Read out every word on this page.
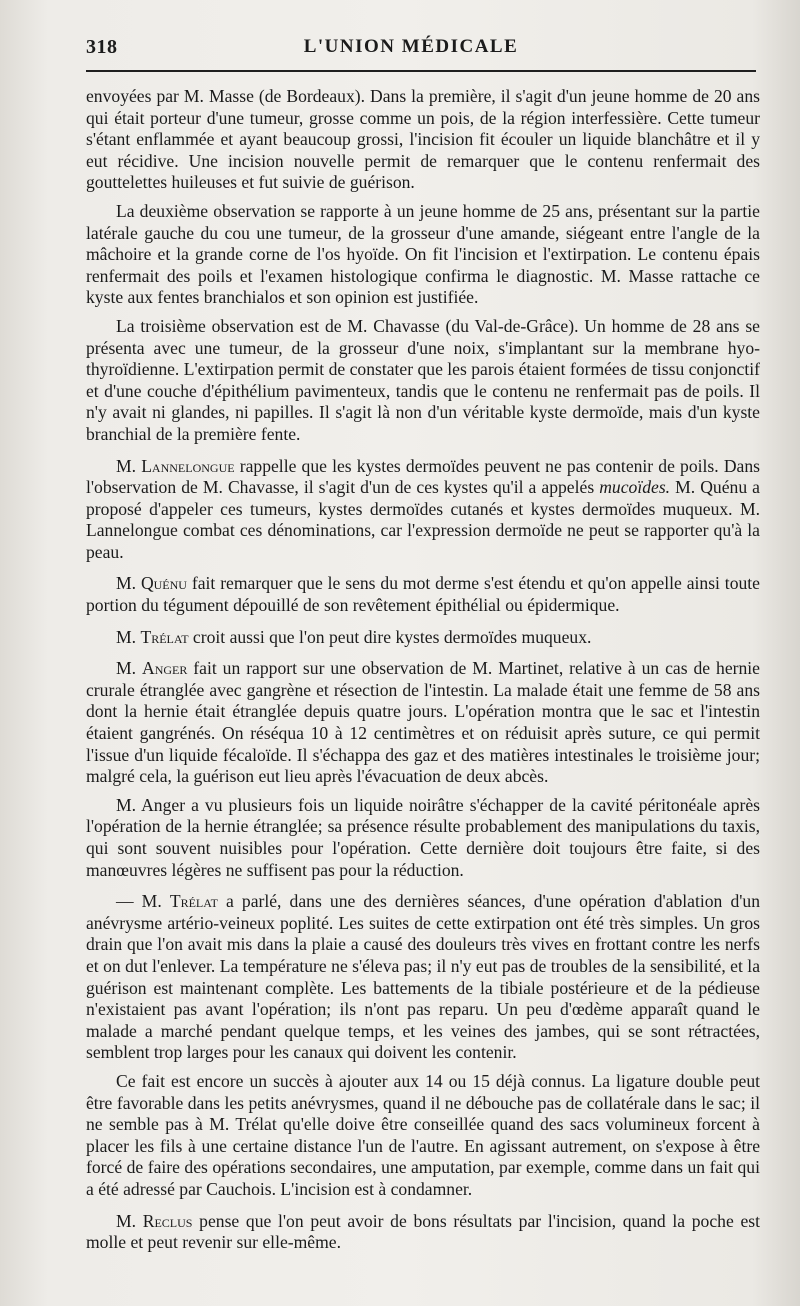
318	L'UNION MÉDICALE

envoyées par M. Masse (de Bordeaux). Dans la première, il s'agit d'un jeune homme de 20 ans qui était porteur d'une tumeur, grosse comme un pois, de la région interfessière. Cette tumeur s'étant enflammée et ayant beaucoup grossi, l'incision fit écouler un liquide blanchâtre et il y eut récidive. Une incision nouvelle permit de remarquer que le contenu renfermait des gouttelettes huileuses et fut suivie de guérison.

La deuxième observation se rapporte à un jeune homme de 25 ans, présentant sur la partie latérale gauche du cou une tumeur, de la grosseur d'une amande, siégeant entre l'angle de la mâchoire et la grande corne de l'os hyoïde. On fit l'incision et l'extirpation. Le contenu épais renfermait des poils et l'examen histologique confirma le diagnostic. M. Masse rattache ce kyste aux fentes branchialos et son opinion est justifiée.

La troisième observation est de M. Chavasse (du Val-de-Grâce). Un homme de 28 ans se présenta avec une tumeur, de la grosseur d'une noix, s'implantant sur la membrane hyo-thyroïdienne. L'extirpation permit de constater que les parois étaient formées de tissu conjonctif et d'une couche d'épithélium pavimenteux, tandis que le contenu ne renfermait pas de poils. Il n'y avait ni glandes, ni papilles. Il s'agit là non d'un véritable kyste dermoïde, mais d'un kyste branchial de la première fente.

M. Lannelongue rappelle que les kystes dermoïdes peuvent ne pas contenir de poils. Dans l'observation de M. Chavasse, il s'agit d'un de ces kystes qu'il a appelés mucoïdes. M. Quénu a proposé d'appeler ces tumeurs, kystes dermoïdes cutanés et kystes dermoïdes muqueux. M. Lannelongue combat ces dénominations, car l'expression dermoïde ne peut se rapporter qu'à la peau.

M. Quénu fait remarquer que le sens du mot derme s'est étendu et qu'on appelle ainsi toute portion du tégument dépouillé de son revêtement épithélial ou épidermique.

M. Trélat croit aussi que l'on peut dire kystes dermoïdes muqueux.

M. Anger fait un rapport sur une observation de M. Martinet, relative à un cas de hernie crurale étranglée avec gangrène et résection de l'intestin. La malade était une femme de 58 ans dont la hernie était étranglée depuis quatre jours. L'opération montra que le sac et l'intestin étaient gangrénés. On réséqua 10 à 12 centimètres et on réduisit après suture, ce qui permit l'issue d'un liquide fécaloïde. Il s'échappa des gaz et des matières intestinales le troisième jour; malgré cela, la guérison eut lieu après l'évacuation de deux abcès.

M. Anger a vu plusieurs fois un liquide noirâtre s'échapper de la cavité péritonéale après l'opération de la hernie étranglée; sa présence résulte probablement des manipulations du taxis, qui sont souvent nuisibles pour l'opération. Cette dernière doit toujours être faite, si des manœuvres légères ne suffisent pas pour la réduction.

— M. Trélat a parlé, dans une des dernières séances, d'une opération d'ablation d'un anévrysme artério-veineux poplité. Les suites de cette extirpation ont été très simples. Un gros drain que l'on avait mis dans la plaie a causé des douleurs très vives en frottant contre les nerfs et on dut l'enlever. La température ne s'éleva pas; il n'y eut pas de troubles de la sensibilité, et la guérison est maintenant complète. Les battements de la tibiale postérieure et de la pédieuse n'existaient pas avant l'opération; ils n'ont pas reparu. Un peu d'œdème apparaît quand le malade a marché pendant quelque temps, et les veines des jambes, qui se sont rétractées, semblent trop larges pour les canaux qui doivent les contenir.

Ce fait est encore un succès à ajouter aux 14 ou 15 déjà connus. La ligature double peut être favorable dans les petits anévrysmes, quand il ne débouche pas de collatérale dans le sac; il ne semble pas à M. Trélat qu'elle doive être conseillée quand des sacs volumineux forcent à placer les fils à une certaine distance l'un de l'autre. En agissant autrement, on s'expose à être forcé de faire des opérations secondaires, une amputation, par exemple, comme dans un fait qui a été adressé par Cauchois. L'incision est à condamner.

M. Reclus pense que l'on peut avoir de bons résultats par l'incision, quand la poche est molle et peut revenir sur elle-même.
